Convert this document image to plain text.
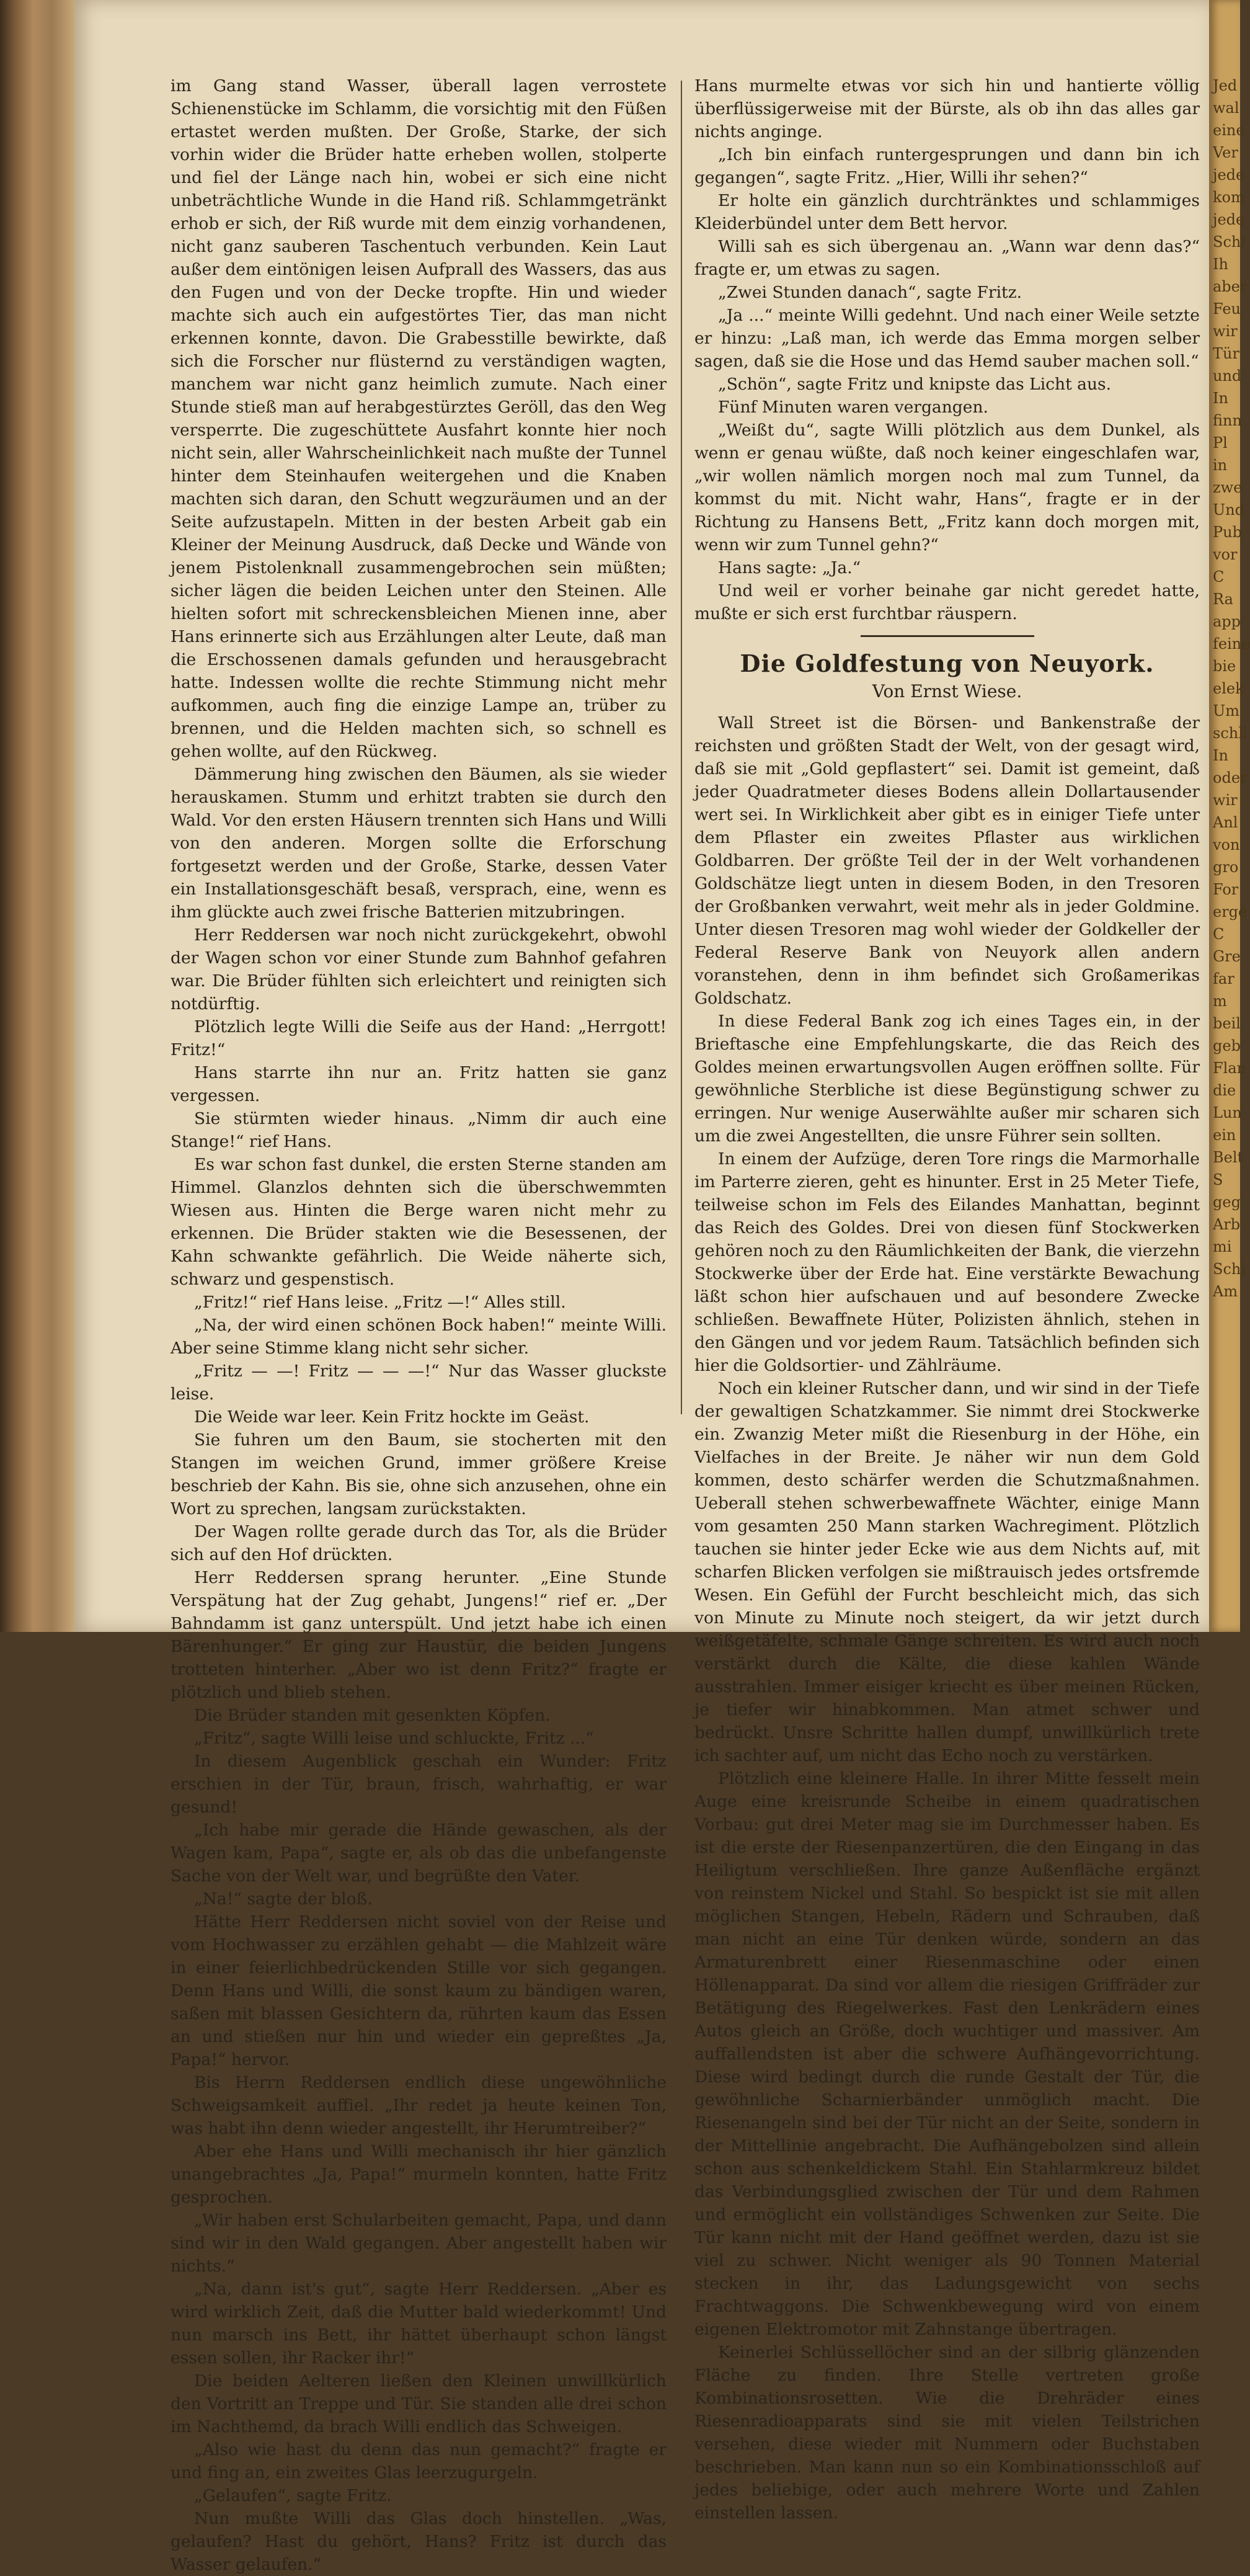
im Gang stand Wasser, überall lagen verrostete Schienenstücke im Schlamm, die vorsichtig mit den Füßen ertastet werden mußten. Der Große, Starke, der sich vorhin wider die Brüder hatte erheben wollen, stolperte und fiel der Länge nach hin, wobei er sich eine nicht unbeträchtliche Wunde in die Hand riß. Schlammgetränkt erhob er sich, der Riß wurde mit dem einzig vorhandenen, nicht ganz sauberen Taschentuch verbunden. Kein Laut außer dem eintönigen leisen Aufprall des Wassers, das aus den Fugen und von der Decke tropfte. Hin und wieder machte sich auch ein aufgestörtes Tier, das man nicht erkennen konnte, davon. Die Grabesstille bewirkte, daß sich die Forscher nur flüsternd zu verständigen wagten, manchem war nicht ganz heimlich zumute. Nach einer Stunde stieß man auf herabgestürztes Geröll, das den Weg versperrte. Die zugeschüttete Ausfahrt konnte hier noch nicht sein, aller Wahrscheinlichkeit nach mußte der Tunnel hinter dem Steinhaufen weitergehen und die Knaben machten sich daran, den Schutt wegzuräumen und an der Seite aufzustapeln. Mitten in der besten Arbeit gab ein Kleiner der Meinung Ausdruck, daß Decke und Wände von jenem Pistolenknall zusammengebrochen sein müßten; sicher lägen die beiden Leichen unter den Steinen. Alle hielten sofort mit schreckensbleichen Mienen inne, aber Hans erinnerte sich aus Erzählungen alter Leute, daß man die Erschossenen damals gefunden und herausgebracht hatte. Indessen wollte die rechte Stimmung nicht mehr aufkommen, auch fing die einzige Lampe an, trüber zu brennen, und die Helden machten sich, so schnell es gehen wollte, auf den Rückweg.

Dämmerung hing zwischen den Bäumen, als sie wieder herauskamen. Stumm und erhitzt trabten sie durch den Wald. Vor den ersten Häusern trennten sich Hans und Willi von den anderen. Morgen sollte die Erforschung fortgesetzt werden und der Große, Starke, dessen Vater ein Installationsgeschäft besaß, versprach, eine, wenn es ihm glückte auch zwei frische Batterien mitzubringen.

Herr Reddersen war noch nicht zurückgekehrt, obwohl der Wagen schon vor einer Stunde zum Bahnhof gefahren war. Die Brüder fühlten sich erleichtert und reinigten sich notdürftig.

Plötzlich legte Willi die Seife aus der Hand: „Herrgott! Fritz!“

Hans starrte ihn nur an. Fritz hatten sie ganz vergessen.

Sie stürmten wieder hinaus. „Nimm dir auch eine Stange!“ rief Hans.

Es war schon fast dunkel, die ersten Sterne standen am Himmel. Glanzlos dehnten sich die überschwemmten Wiesen aus. Hinten die Berge waren nicht mehr zu erkennen. Die Brüder stakten wie die Besessenen, der Kahn schwankte gefährlich. Die Weide näherte sich, schwarz und gespenstisch.

„Fritz!“ rief Hans leise. „Fritz —!“ Alles still.

„Na, der wird einen schönen Bock haben!“ meinte Willi. Aber seine Stimme klang nicht sehr sicher.

„Fritz — —! Fritz — — —!“ Nur das Wasser gluckste leise.

Die Weide war leer. Kein Fritz hockte im Geäst.

Sie fuhren um den Baum, sie stocherten mit den Stangen im weichen Grund, immer größere Kreise beschrieb der Kahn. Bis sie, ohne sich anzusehen, ohne ein Wort zu sprechen, langsam zurückstakten.

Der Wagen rollte gerade durch das Tor, als die Brüder sich auf den Hof drückten.

Herr Reddersen sprang herunter. „Eine Stunde Verspätung hat der Zug gehabt, Jungens!“ rief er. „Der Bahndamm ist ganz unterspült. Und jetzt habe ich einen Bärenhunger.“ Er ging zur Haustür, die beiden Jungens trotteten hinterher. „Aber wo ist denn Fritz?“ fragte er plötzlich und blieb stehen.

Die Brüder standen mit gesenkten Köpfen.

„Fritz“, sagte Willi leise und schluckte, Fritz ...“

In diesem Augenblick geschah ein Wunder: Fritz erschien in der Tür, braun, frisch, wahrhaftig, er war gesund!

„Ich habe mir gerade die Hände gewaschen, als der Wagen kam, Papa“, sagte er, als ob das die unbefangenste Sache von der Welt war, und begrüßte den Vater.

„Na!“ sagte der bloß.

Hätte Herr Reddersen nicht soviel von der Reise und vom Hochwasser zu erzählen gehabt — die Mahlzeit wäre in einer feierlichbedrückenden Stille vor sich gegangen. Denn Hans und Willi, die sonst kaum zu bändigen waren, saßen mit blassen Gesichtern da, rührten kaum das Essen an und stießen nur hin und wieder ein gepreßtes „Ja, Papa!“ hervor.

Bis Herrn Reddersen endlich diese ungewöhnliche Schweigsamkeit auffiel. „Ihr redet ja heute keinen Ton, was habt ihn denn wieder angestellt, ihr Herumtreiber?“

Aber ehe Hans und Willi mechanisch ihr hier gänzlich unangebrachtes „Ja, Papa!“ murmeln konnten, hatte Fritz gesprochen.

„Wir haben erst Schularbeiten gemacht, Papa, und dann sind wir in den Wald gegangen. Aber angestellt haben wir nichts.“

„Na, dann ist's gut“, sagte Herr Reddersen. „Aber es wird wirklich Zeit, daß die Mutter bald wiederkommt! Und nun marsch ins Bett, ihr hättet überhaupt schon längst essen sollen, ihr Racker ihr!“

Die beiden Aelteren ließen den Kleinen unwillkürlich den Vortritt an Treppe und Tür. Sie standen alle drei schon im Nachthemd, da brach Willi endlich das Schweigen.

„Also wie hast du denn das nun gemacht?“ fragte er und fing an, ein zweites Glas leerzugurgeln.

„Gelaufen“, sagte Fritz.

Nun mußte Willi das Glas doch hinstellen. „Was, gelaufen? Hast du gehört, Hans? Fritz ist durch das Wasser gelaufen.“

Hans murmelte etwas vor sich hin und hantierte völlig überflüssigerweise mit der Bürste, als ob ihn das alles gar nichts anginge.

„Ich bin einfach runtergesprungen und dann bin ich gegangen“, sagte Fritz. „Hier, Willi ihr sehen?“

Er holte ein gänzlich durchtränktes und schlammiges Kleiderbündel unter dem Bett hervor.

Willi sah es sich übergenau an. „Wann war denn das?“ fragte er, um etwas zu sagen.

„Zwei Stunden danach“, sagte Fritz.

„Ja ...“ meinte Willi gedehnt. Und nach einer Weile setzte er hinzu: „Laß man, ich werde das Emma morgen selber sagen, daß sie die Hose und das Hemd sauber machen soll.“

„Schön“, sagte Fritz und knipste das Licht aus.

Fünf Minuten waren vergangen.

„Weißt du“, sagte Willi plötzlich aus dem Dunkel, als wenn er genau wüßte, daß noch keiner eingeschlafen war, „wir wollen nämlich morgen noch mal zum Tunnel, da kommst du mit. Nicht wahr, Hans“, fragte er in der Richtung zu Hansens Bett, „Fritz kann doch morgen mit, wenn wir zum Tunnel gehn?“

Hans sagte: „Ja.“

Und weil er vorher beinahe gar nicht geredet hatte, mußte er sich erst furchtbar räuspern.

Die Goldfestung von Neuyork.
Von Ernst Wiese.

Wall Street ist die Börsen- und Bankenstraße der reichsten und größten Stadt der Welt, von der gesagt wird, daß sie mit „Gold gepflastert“ sei. Damit ist gemeint, daß jeder Quadratmeter dieses Bodens allein Dollartausender wert sei. In Wirklichkeit aber gibt es in einiger Tiefe unter dem Pflaster ein zweites Pflaster aus wirklichen Goldbarren. Der größte Teil der in der Welt vorhandenen Goldschätze liegt unten in diesem Boden, in den Tresoren der Großbanken verwahrt, weit mehr als in jeder Goldmine. Unter diesen Tresoren mag wohl wieder der Goldkeller der Federal Reserve Bank von Neuyork allen andern voranstehen, denn in ihm befindet sich Großamerikas Goldschatz.

In diese Federal Bank zog ich eines Tages ein, in der Brieftasche eine Empfehlungskarte, die das Reich des Goldes meinen erwartungsvollen Augen eröffnen sollte. Für gewöhnliche Sterbliche ist diese Begünstigung schwer zu erringen. Nur wenige Auserwählte außer mir scharen sich um die zwei Angestellten, die unsre Führer sein sollten.

In einem der Aufzüge, deren Tore rings die Marmorhalle im Parterre zieren, geht es hinunter. Erst in 25 Meter Tiefe, teilweise schon im Fels des Eilandes Manhattan, beginnt das Reich des Goldes. Drei von diesen fünf Stockwerken gehören noch zu den Räumlichkeiten der Bank, die vierzehn Stockwerke über der Erde hat. Eine verstärkte Bewachung läßt schon hier aufschauen und auf besondere Zwecke schließen. Bewaffnete Hüter, Polizisten ähnlich, stehen in den Gängen und vor jedem Raum. Tatsächlich befinden sich hier die Goldsortier- und Zählräume.

Noch ein kleiner Rutscher dann, und wir sind in der Tiefe der gewaltigen Schatzkammer. Sie nimmt drei Stockwerke ein. Zwanzig Meter mißt die Riesenburg in der Höhe, ein Vielfaches in der Breite. Je näher wir nun dem Gold kommen, desto schärfer werden die Schutzmaßnahmen. Ueberall stehen schwerbewaffnete Wächter, einige Mann vom gesamten 250 Mann starken Wachregiment. Plötzlich tauchen sie hinter jeder Ecke wie aus dem Nichts auf, mit scharfen Blicken verfolgen sie mißtrauisch jedes ortsfremde Wesen. Ein Gefühl der Furcht beschleicht mich, das sich von Minute zu Minute noch steigert, da wir jetzt durch weißgetäfelte, schmale Gänge schreiten. Es wird auch noch verstärkt durch die Kälte, die diese kahlen Wände ausstrahlen. Immer eisiger kriecht es über meinen Rücken, je tiefer wir hinabkommen. Man atmet schwer und bedrückt. Unsre Schritte hallen dumpf, unwillkürlich trete ich sachter auf, um nicht das Echo noch zu verstärken.

Plötzlich eine kleinere Halle. In ihrer Mitte fesselt mein Auge eine kreisrunde Scheibe in einem quadratischen Vorbau: gut drei Meter mag sie im Durchmesser haben. Es ist die erste der Riesenpanzertüren, die den Eingang in das Heiligtum verschließen. Ihre ganze Außenfläche ergänzt von reinstem Nickel und Stahl. So bespickt ist sie mit allen möglichen Stangen, Hebeln, Rädern und Schrauben, daß man nicht an eine Tür denken würde, sondern an das Armaturenbrett einer Riesenmaschine oder einen Höllenapparat. Da sind vor allem die riesigen Griffräder zur Betätigung des Riegelwerkes. Fast den Lenkrädern eines Autos gleich an Größe, doch wuchtiger und massiver. Am auffallendsten ist aber die schwere Aufhängevorrichtung. Diese wird bedingt durch die runde Gestalt der Tür, die gewöhnliche Scharnierbänder unmöglich macht. Die Riesenangeln sind bei der Tür nicht an der Seite, sondern in der Mittellinie angebracht. Die Aufhängebolzen sind allein schon aus schenkeldickem Stahl. Ein Stahlarmkreuz bildet das Verbindungsglied zwischen der Tür und dem Rahmen und ermöglicht ein vollständiges Schwenken zur Seite. Die Tür kann nicht mit der Hand geöffnet werden, dazu ist sie viel zu schwer. Nicht weniger als 90 Tonnen Material stecken in ihr, das Ladungsgewicht von sechs Frachtwaggons. Die Schwenkbewegung wird von einem eigenen Elektromotor mit Zahnstange übertragen.

Keinerlei Schlüssellöcher sind an der silbrig glänzenden Fläche zu finden. Ihre Stelle vertreten große Kombinationsrosetten. Wie die Drehräder eines Riesenradioapparats sind sie mit vielen Teilstrichen versehen, diese wieder mit Nummern oder Buchstaben beschrieben. Man kann nun so ein Kombinationsschloß auf jedes beliebige, oder auch mehrere Worte und Zahlen einstellen lassen.

Jed
wal
eine
Ver
jede
kom
jede
Schl
Ih
aber
Feu
wir
Tür
und
In
finn
Pl
in
zwe
Und
Pub
vor
C
Ra
app
feine
bie
elek
Um
schli
In
oder
wir
Anl
von
gro
For
erge
C
Gre
far
m
beil
geb
Flan
die
Lun
ein
Belt
S
geg
Arb
mi
Schi
Am
